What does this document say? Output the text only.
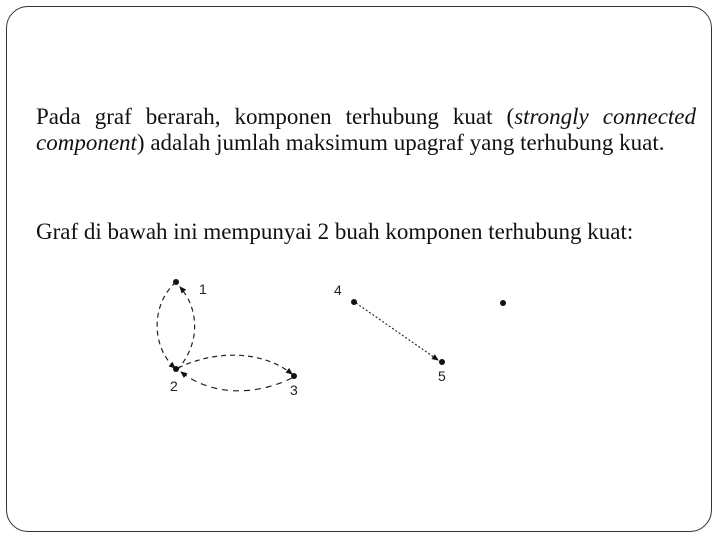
Pada graf berarah, komponen terhubung kuat (strongly connected component) adalah jumlah maksimum upagraf yang terhubung kuat.
Graf di bawah ini mempunyai 2 buah komponen terhubung kuat:
1
2	3
4
5
